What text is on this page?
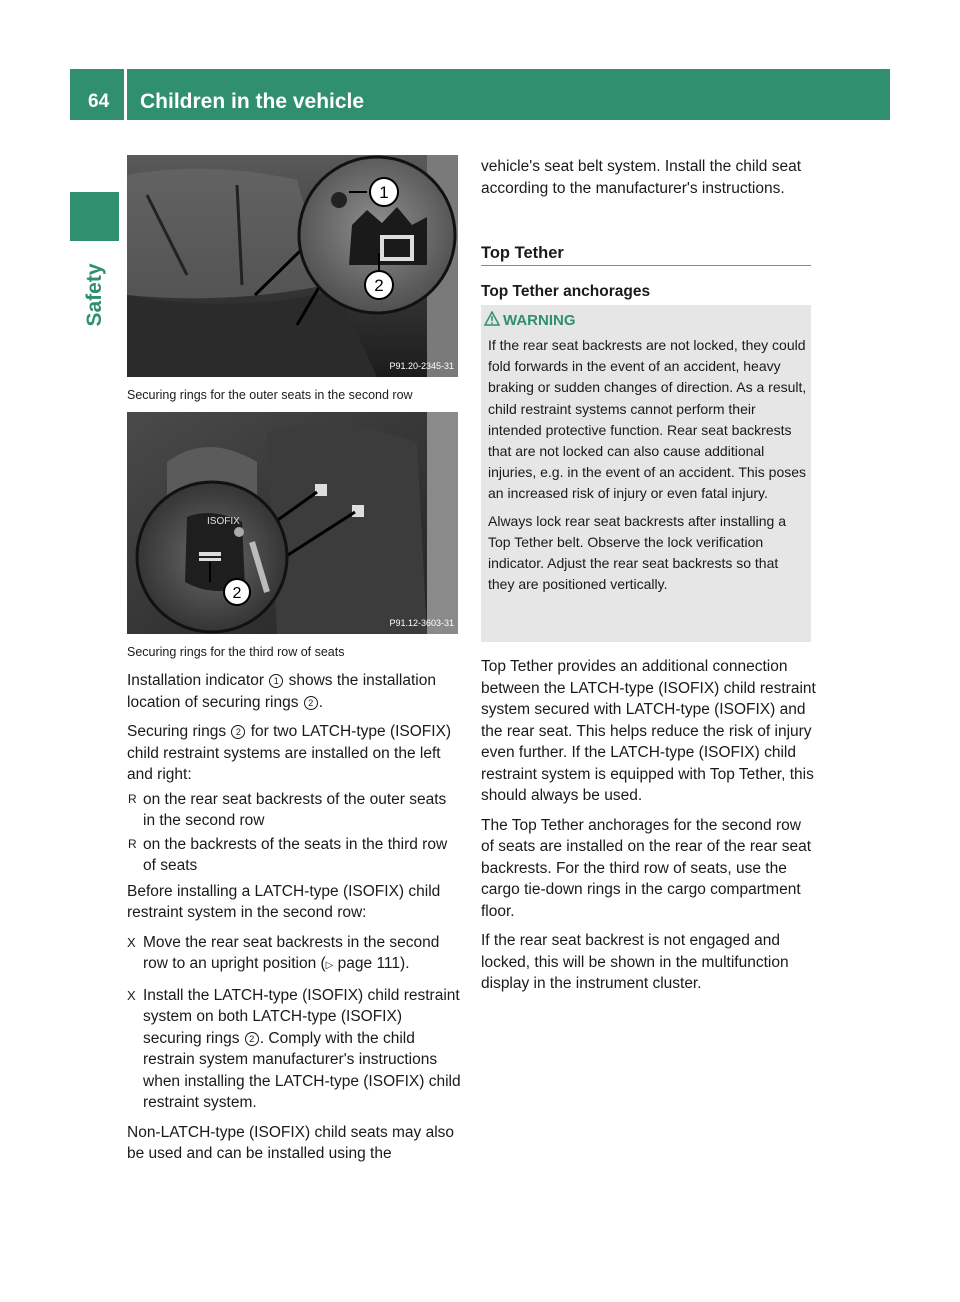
64 Children in the vehicle
Safety
1
2
P91.20-2345-31
Securing rings for the outer seats in the second row
ISOFIX
2
P91.12-3603-31
Securing rings for the third row of seats

Installation indicator 1 shows the installation location of securing rings 2 .

Securing rings 2 for two LATCH-type (ISOFIX) child restraint systems are installed on the left and right:

R on the rear seat backrests of the outer seats in the second row
R on the backrests of the seats in the third row of seats

Before installing a LATCH-type (ISOFIX) child restraint system in the second row:

X Move the rear seat backrests in the second row to an upright position (▷ page 111).
X Install the LATCH-type (ISOFIX) child restraint system on both LATCH-type (ISOFIX) securing rings 2 . Comply with the child restrain system manufacturer's instructions when installing the LATCH-type (ISOFIX) child restraint system.

Non-LATCH-type (ISOFIX) child seats may also be used and can be installed using the

vehicle's seat belt system. Install the child seat according to the manufacturer's instructions.
Top Tether
Top Tether anchorages
WARNING

If the rear seat backrests are not locked, they could fold forwards in the event of an accident, heavy braking or sudden changes of direction. As a result, child restraint systems cannot perform their intended protective function. Rear seat backrests that are not locked can also cause additional injuries, e.g. in the event of an accident. This poses an increased risk of injury or even fatal injury.

Always lock rear seat backrests after installing a Top Tether belt. Observe the lock verification indicator. Adjust the rear seat backrests so that they are positioned vertically.

Top Tether provides an additional connection between the LATCH-type (ISOFIX) child restraint system secured with LATCH-type (ISOFIX) and the rear seat. This helps reduce the risk of injury even further. If the LATCH-type (ISOFIX) child restraint system is equipped with Top Tether, this should always be used.

The Top Tether anchorages for the second row of seats are installed on the rear of the rear seat backrests. For the third row of seats, use the cargo tie-down rings in the cargo compartment floor.

If the rear seat backrest is not engaged and locked, this will be shown in the multifunction display in the instrument cluster.
